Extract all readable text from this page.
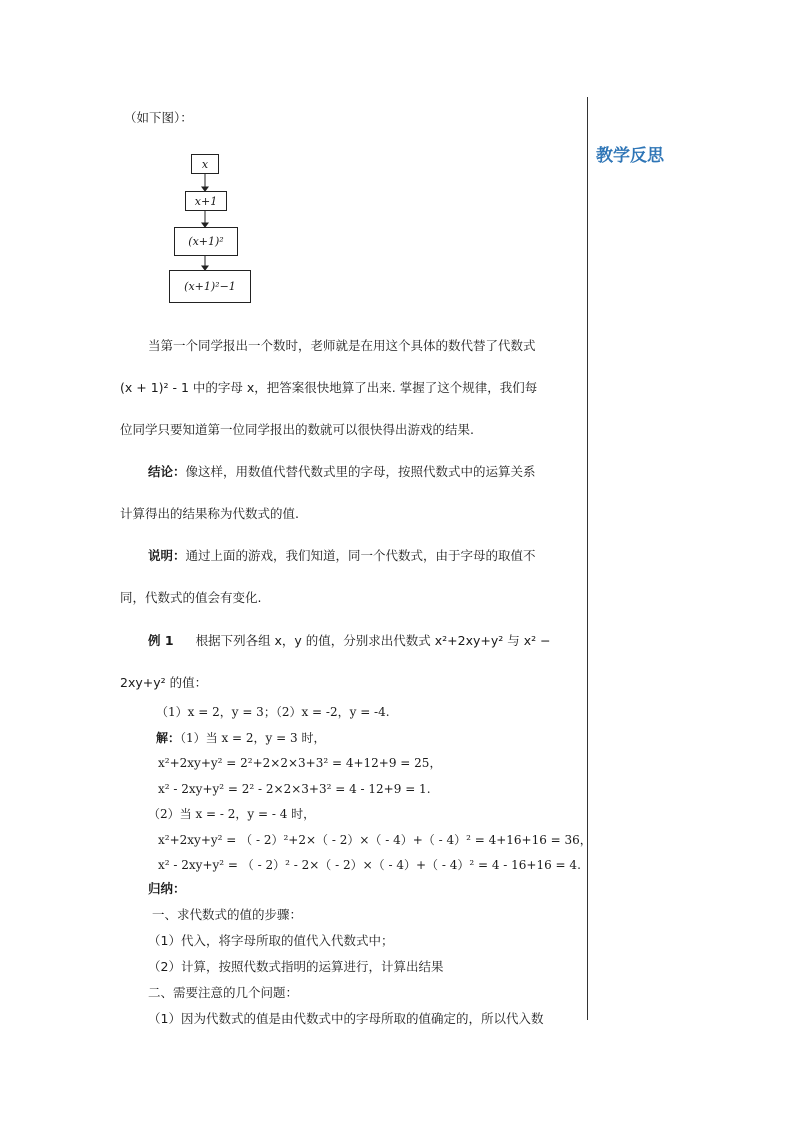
教学反思
（如下图）：
x
x+1
(x+1)²
(x+1)²−1

当第一个同学报出一个数时，老师就是在用这个具体的数代替了代数式

(x + 1)² - 1 中的字母 x，把答案很快地算了出来. 掌握了这个规律，我们每

位同学只要知道第一位同学报出的数就可以很快得出游戏的结果.

结论：像这样，用数值代替代数式里的字母，按照代数式中的运算关系

计算得出的结果称为代数式的值.

说明：通过上面的游戏，我们知道，同一个代数式，由于字母的取值不

同，代数式的值会有变化.

例 1 根据下列各组 x，y 的值，分别求出代数式 x²+2xy+y² 与 x² −

2xy+y² 的值：

（1）x = 2，y = 3；（2）x = -2，y = -4.
解：（1）当 x = 2，y = 3 时，
x²+2xy+y² = 2²+2×2×3+3² = 4+12+9 = 25，
x² - 2xy+y² = 2² - 2×2×3+3² = 4 - 12+9 = 1.
（2）当 x = - 2，y = - 4 时，
x²+2xy+y² = （ - 2）²+2×（ - 2）×（ - 4）+（ - 4）² = 4+16+16 = 36，
x² - 2xy+y² = （ - 2）² - 2×（ - 2）×（ - 4）+（ - 4）² = 4 - 16+16 = 4.
归纳：
一、求代数式的值的步骤：
（1）代入，将字母所取的值代入代数式中；
（2）计算，按照代数式指明的运算进行，计算出结果
二、需要注意的几个问题：
（1）因为代数式的值是由代数式中的字母所取的值确定的，所以代入数
